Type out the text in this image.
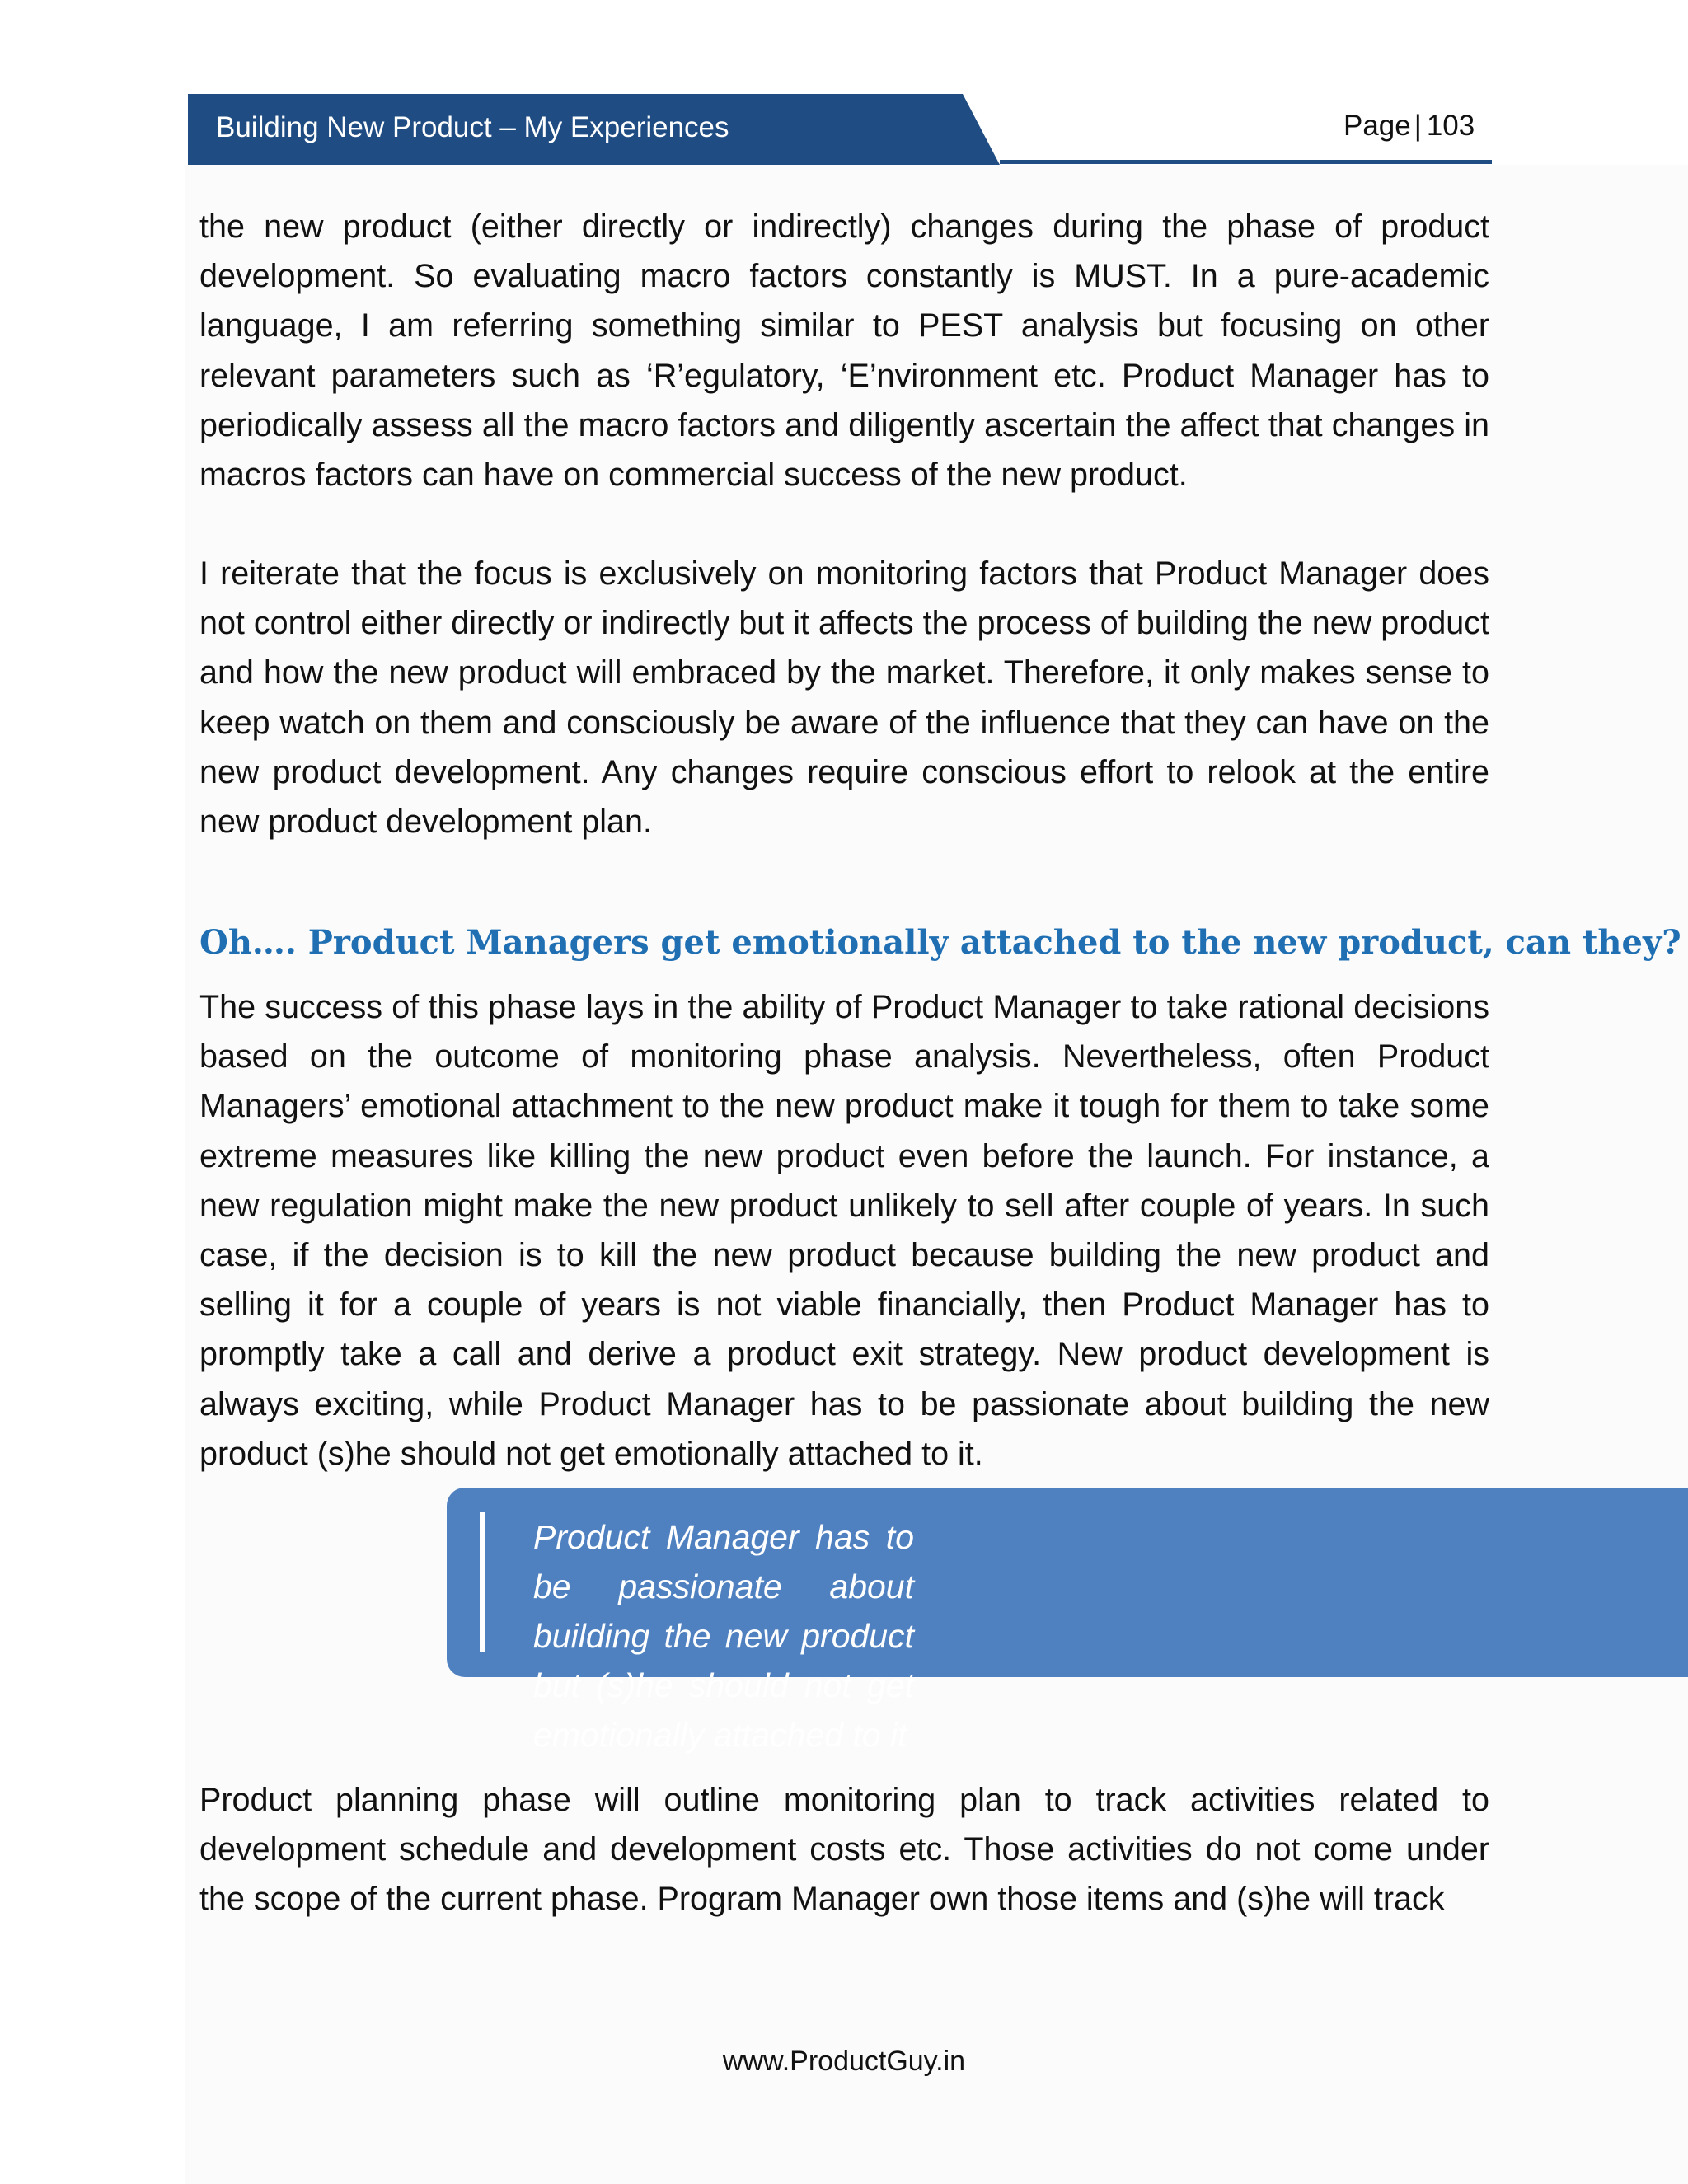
Building New Product – My Experiences	Page | 103

the new product (either directly or indirectly) changes during the phase of product development. So evaluating macro factors constantly is MUST. In a pure-academic language, I am referring something similar to PEST analysis but focusing on other relevant parameters such as ‘R’egulatory, ‘E’nvironment etc. Product Manager has to periodically assess all the macro factors and diligently ascertain the affect that changes in macros factors can have on commercial success of the new product.

I reiterate that the focus is exclusively on monitoring factors that Product Manager does not control either directly or indirectly but it affects the process of building the new product and how the new product will embraced by the market. Therefore, it only makes sense to keep watch on them and consciously be aware of the influence that they can have on the new product development. Any changes require conscious effort to relook at the entire new product development plan.

Oh…. Product Managers get emotionally attached to the new product, can they?

The success of this phase lays in the ability of Product Manager to take rational decisions based on the outcome of monitoring phase analysis. Nevertheless, often Product Managers’ emotional attachment to the new product make it tough for them to take some extreme measures like killing the new product even before the launch. For instance, a new regulation might make the new product unlikely to sell after couple of years. In such case, if the decision is to kill the new product because building the new product and selling it for a couple of years is not viable financially, then Product Manager has to promptly take a call and derive a product exit strategy. New product development is always exciting, while Product Manager has to be passionate about building the new product (s)he should not get emotionally attached to it.

Product Manager has to be passionate about building the new product but (s)he should not get emotionally attached to it

Product planning phase will outline monitoring plan to track activities related to development schedule and development costs etc. Those activities do not come under the scope of the current phase. Program Manager own those items and (s)he will track

www.ProductGuy.in
